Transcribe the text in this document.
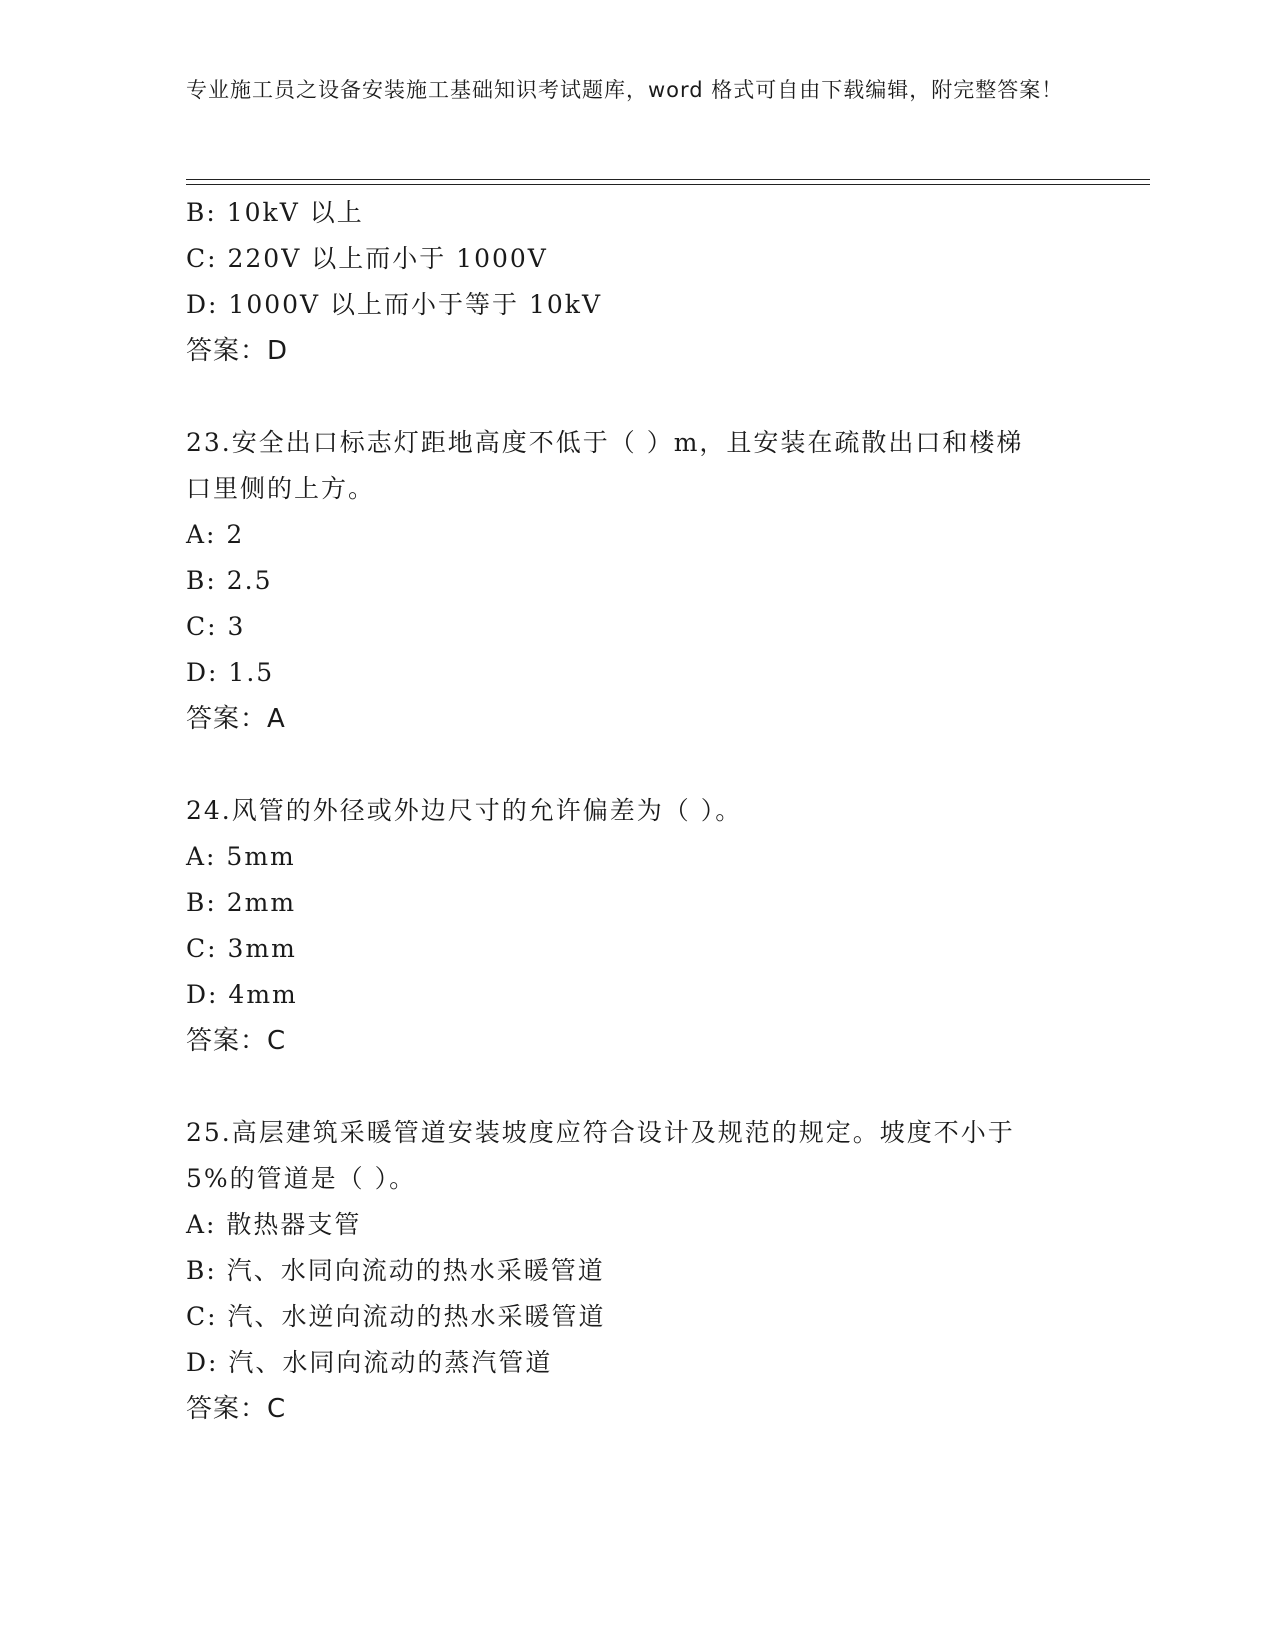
专业施工员之设备安装施工基础知识考试题库，word 格式可自由下载编辑，附完整答案！
B: 10kV 以上
C: 220V 以上而小于 1000V
D: 1000V 以上而小于等于 10kV
答案：D
23.安全出口标志灯距地高度不低于（ ）m，且安装在疏散出口和楼梯
口里侧的上方。
A: 2
B: 2.5
C: 3
D: 1.5
答案：A
24.风管的外径或外边尺寸的允许偏差为（ ）。
A: 5mm
B: 2mm
C: 3mm
D: 4mm
答案：C
25.高层建筑采暖管道安装坡度应符合设计及规范的规定。坡度不小于
5%的管道是（ ）。
A: 散热器支管
B: 汽、水同向流动的热水采暖管道
C: 汽、水逆向流动的热水采暖管道
D: 汽、水同向流动的蒸汽管道
答案：C
